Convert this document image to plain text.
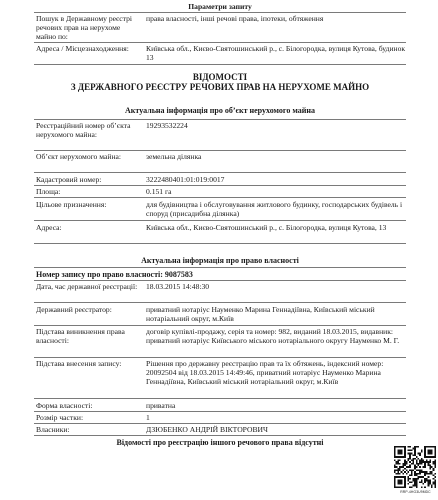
Параметри запиту
Пошук в Державному реєстрі речових прав на нерухоме майно по:
права власності, інші речові права, іпотеки, обтяження
Адреса / Місцезнаходження:	Київська обл., Києво-Святошинський р., с. Білогородка, вулиця Кутова, будинок 13
ВІДОМОСТІ
З ДЕРЖАВНОГО РЕЄСТРУ РЕЧОВИХ ПРАВ НА НЕРУХОМЕ МАЙНО
Актуальна інформація про об’єкт нерухомого майна
Реєстраційний номер об’єкта нерухомого майна:
19293532224
Об’єкт нерухомого майна:	земельна ділянка
Кадастровий номер:	3222480401:01:019:0017
Площа:	0.151 га
Цільове призначення:	для будівництва і обслуговування житлового будинку, господарських будівель і споруд (присадибна ділянка)
Адреса:	Київська обл., Києво-Святошинський р., с. Білогородка, вулиця Кутова, 13
Актуальна інформація про право власності
Номер запису про право власності: 9087583
Дата, час державної реєстрації:	18.03.2015 14:48:30
Державний реєстратор:	приватний нотаріус Науменко Марина Геннадіївна, Київський міський нотаріальний округ, м.Київ
Підстава виникнення права власності:
договір купівлі-продажу, серія та номер: 982, виданий 18.03.2015, видавник: приватний нотаріус Київського міського нотаріального округу Науменко М. Г.
Підстава внесення запису:	Рішення про державну реєстрацію прав та їх обтяжень, індексний номер: 20092504 від 18.03.2015 14:49:46, приватний нотаріус Науменко Марина Геннадіївна, Київський міський нотаріальний округ, м.Київ
Форма власності:	приватна
Розмір частки:	1
Власники:	ДЗЮБЕНКО АНДРІЙ ВІКТОРОВИЧ
Відомості про реєстрацію іншого речового права відсутні
RRP-4HG3U9MDC
